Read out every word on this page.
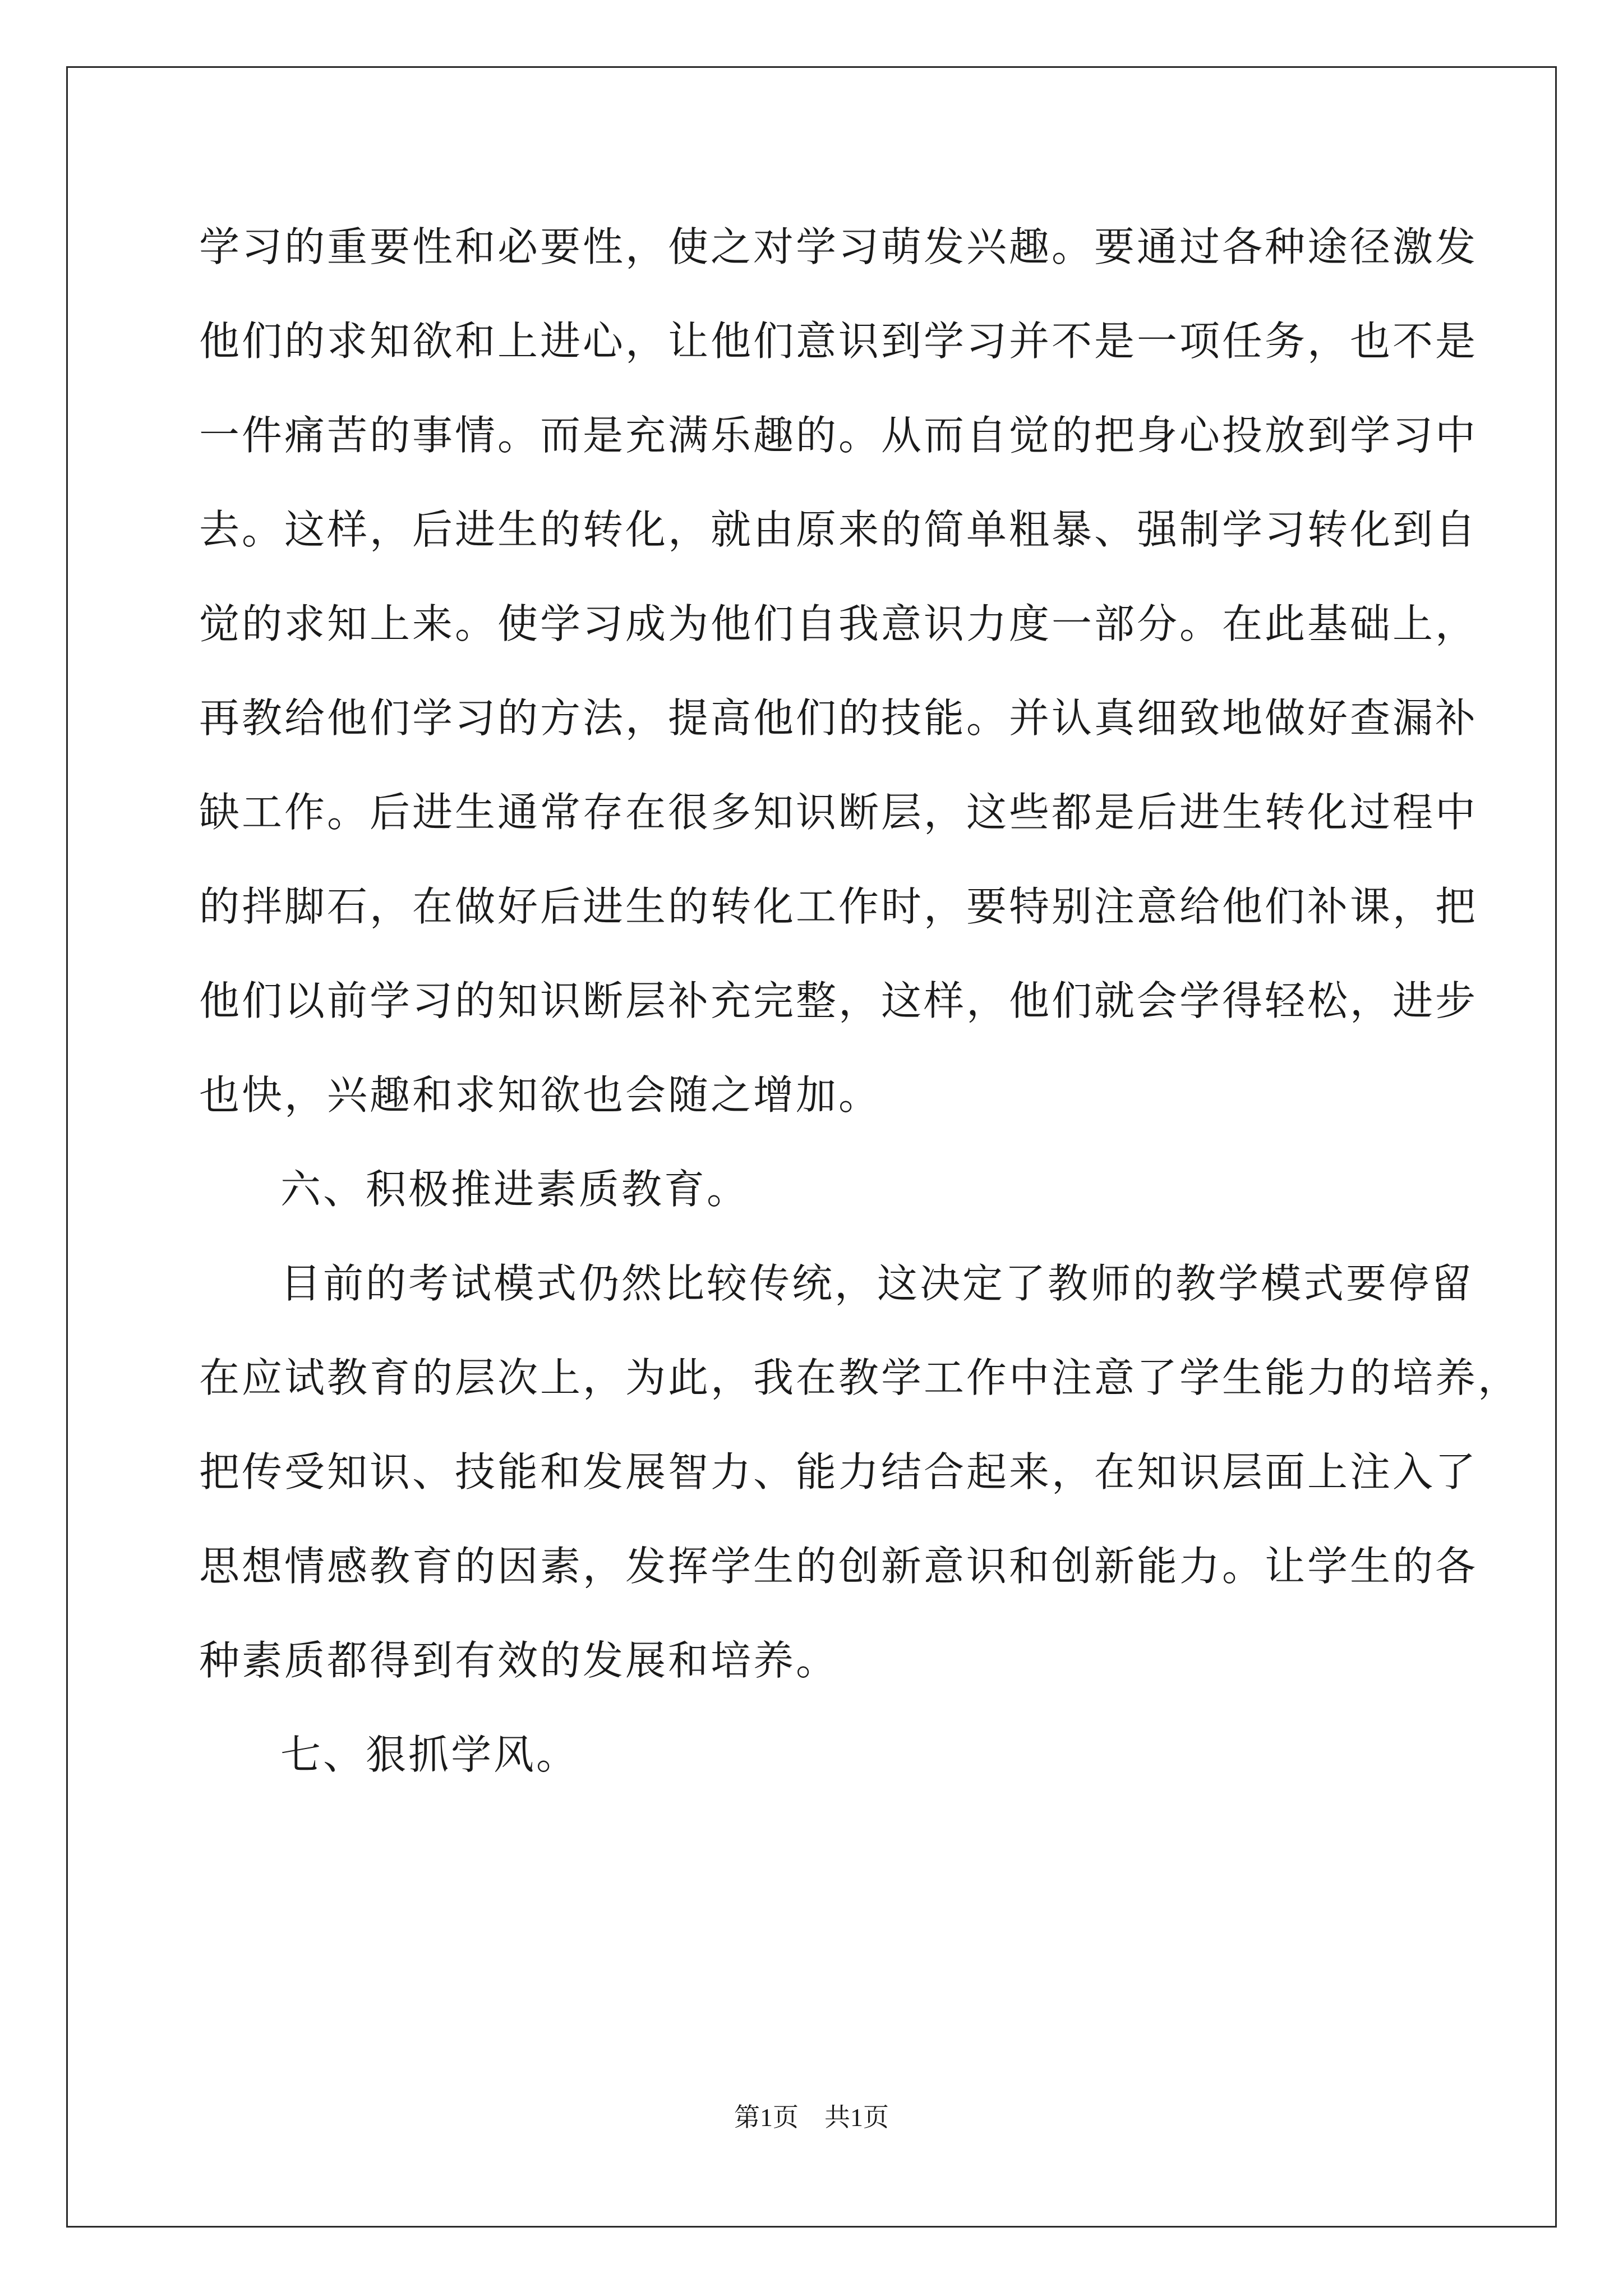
学习的重要性和必要性，使之对学习萌发兴趣。要通过各种途径激发
他们的求知欲和上进心，让他们意识到学习并不是一项任务，也不是
一件痛苦的事情。而是充满乐趣的。从而自觉的把身心投放到学习中
去。这样，后进生的转化，就由原来的简单粗暴、强制学习转化到自
觉的求知上来。使学习成为他们自我意识力度一部分。在此基础上，
再教给他们学习的方法，提高他们的技能。并认真细致地做好查漏补
缺工作。后进生通常存在很多知识断层，这些都是后进生转化过程中
的拌脚石，在做好后进生的转化工作时，要特别注意给他们补课，把
他们以前学习的知识断层补充完整，这样，他们就会学得轻松，进步
也快，兴趣和求知欲也会随之增加。
六、积极推进素质教育。
目前的考试模式仍然比较传统，这决定了教师的教学模式要停留
在应试教育的层次上，为此，我在教学工作中注意了学生能力的培养，
把传受知识、技能和发展智力、能力结合起来，在知识层面上注入了
思想情感教育的因素，发挥学生的创新意识和创新能力。让学生的各
种素质都得到有效的发展和培养。
七、狠抓学风。
第1页　共1页
